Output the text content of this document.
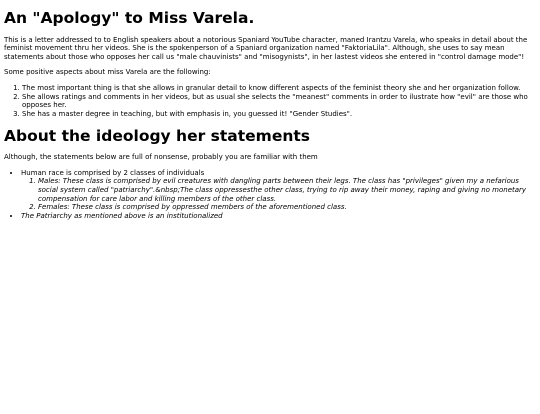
An "Apology" to Miss Varela.

This is a letter addressed to to English speakers about a notorious Spaniard YouTube character, maned Irantzu Varela, who speaks in detail about the feminist movement thru her videos. She is the spokenperson of a Spaniard organization named "FaktoriaLila". Although, she uses to say mean statements about those who opposes her call us "male chauvinists" and "misogynists", in her lastest videos she entered in "control damage mode"!

Some positive aspects about miss Varela are the following:

1. The most important thing is that she allows in granular detail to know different aspects of the feminist theory she and her organization follow.
2. She allows ratings and comments in her videos, but as usual she selects the "meanest" comments in order to ilustrate how "evil" are those who opposes her.
3. She has a master degree in teaching, but with emphasis in, you guessed it! "Gender Studies".
About the ideology her statements

Although, the statements below are full of nonsense, probably you are familiar with them

• Human race is comprised by 2 classes of individuals
1. Males: These class is comprised by evil creatures with dangling parts between their legs. The class has "privileges" given my a nefarious social system called "patriarchy".&nbsp;The class oppressesthe other class, trying to rip away their money, raping and giving no monetary compensation for care labor and killing members of the other class.
2. Females: These class is comprised by oppressed members of the aforementioned class.
• The Patriarchy as mentioned above is an institutionalized
